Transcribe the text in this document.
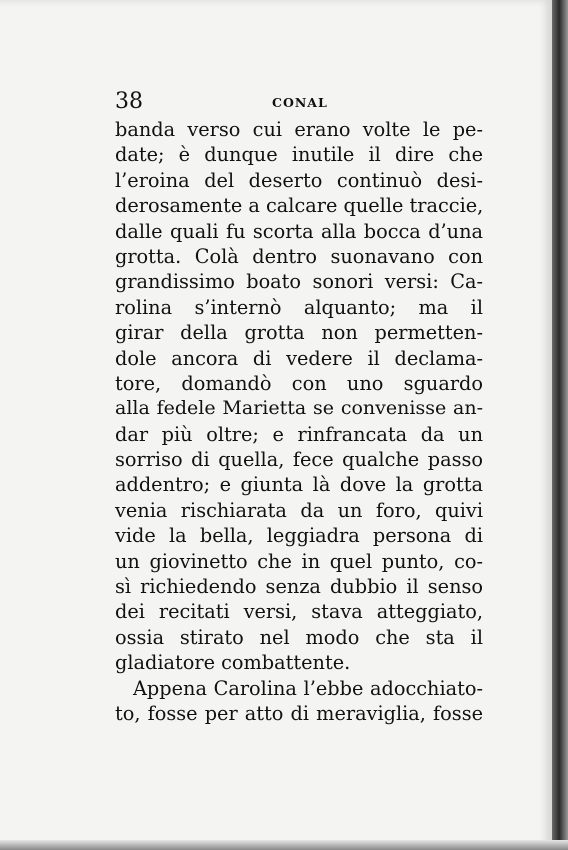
38	CONAL
banda verso cui erano volte le pe-
date; è dunque inutile il dire che
l’eroina del deserto continuò desi-
derosamente a calcare quelle traccie,
dalle quali fu scorta alla bocca d’una
grotta. Colà dentro suonavano con
grandissimo boato sonori versi: Ca-
rolina s’internò alquanto; ma il
girar della grotta non permetten-
dole ancora di vedere il declama-
tore, domandò con uno sguardo
alla fedele Marietta se convenisse an-
dar più oltre; e rinfrancata da un
sorriso di quella, fece qualche passo
addentro; e giunta là dove la grotta
venia rischiarata da un foro, quivi
vide la bella, leggiadra persona di
un giovinetto che in quel punto, co-
sì richiedendo senza dubbio il senso
dei recitati versi, stava atteggiato,
ossia stirato nel modo che sta il
gladiatore combattente.
Appena Carolina l’ebbe adocchiato-
to, fosse per atto di meraviglia, fosse
